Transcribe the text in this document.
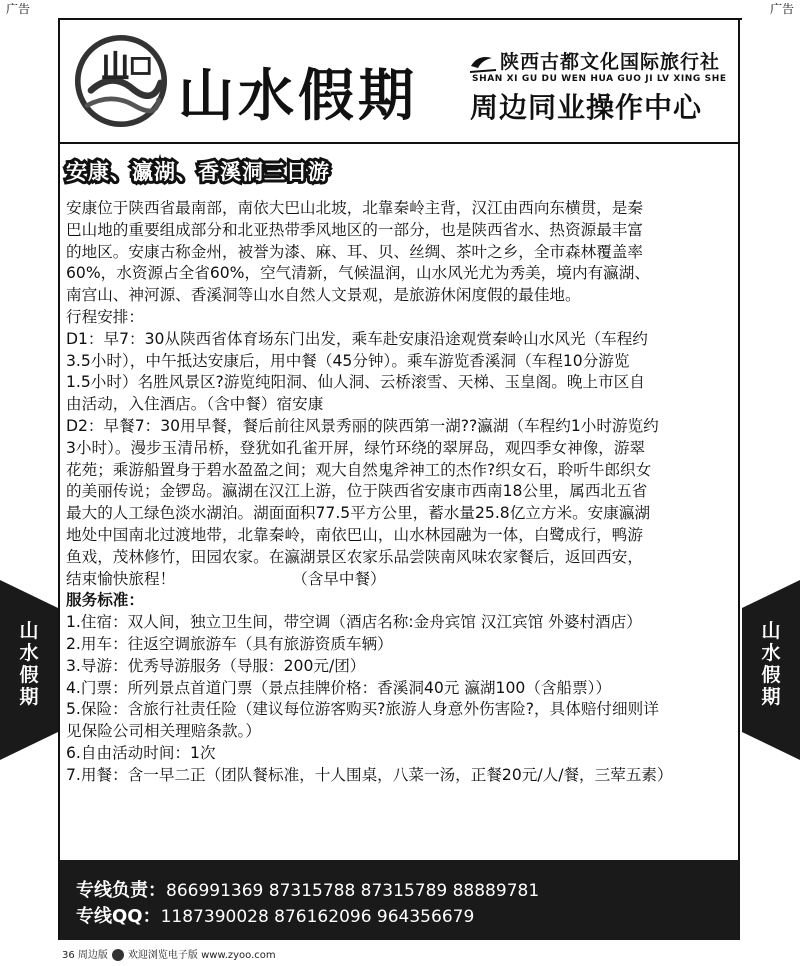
广告	广告
山水假期
陕西古都文化国际旅行社
SHAN XI GU DU WEN HUA GUO JI LV XING SHE
周边同业操作中心
安康、瀛湖、香溪洞三日游

安康位于陕西省最南部，南依大巴山北坡，北靠秦岭主背，汉江由西向东横贯，是秦

巴山地的重要组成部分和北亚热带季风地区的一部分，也是陕西省水、热资源最丰富

的地区。安康古称金州，被誉为漆、麻、耳、贝、丝绸、茶叶之乡，全市森林覆盖率

60%，水资源占全省60%，空气清新，气候温润，山水风光尤为秀美，境内有瀛湖、

南宫山、神河源、香溪洞等山水自然人文景观，是旅游休闲度假的最佳地。

行程安排：

D1：早7：30从陕西省体育场东门出发，乘车赴安康沿途观赏秦岭山水风光（车程约

3.5小时），中午抵达安康后，用中餐（45分钟）。乘车游览香溪洞（车程10分游览

1.5小时）名胜风景区?游览纯阳洞、仙人洞、云桥滚雪、天梯、玉皇阁。晚上市区自

由活动，入住酒店。（含中餐）宿安康

D2：早餐7：30用早餐，餐后前往风景秀丽的陕西第一湖??瀛湖（车程约1小时游览约

3小时）。漫步玉清吊桥，登犹如孔雀开屏，绿竹环绕的翠屏岛，观四季女神像，游翠

花苑；乘游船置身于碧水盈盈之间；观大自然鬼斧神工的杰作?织女石，聆听牛郎织女

的美丽传说；金锣岛。瀛湖在汉江上游，位于陕西省安康市西南18公里，属西北五省

最大的人工绿色淡水湖泊。湖面面积77.5平方公里，蓄水量25.8亿立方米。安康瀛湖

地处中国南北过渡地带，北靠秦岭，南依巴山，山水林园融为一体，白鹭成行，鸭游

鱼戏，茂林修竹，田园农家。在瀛湖景区农家乐品尝陕南风味农家餐后，返回西安，

结束愉快旅程！　　　　　　　　（含早中餐）

服务标准：

1.住宿：双人间，独立卫生间，带空调（酒店名称:金舟宾馆 汉江宾馆 外婆村酒店）

2.用车：往返空调旅游车（具有旅游资质车辆）

3.导游：优秀导游服务（导服：200元/团）

4.门票：所列景点首道门票（景点挂牌价格：香溪洞40元 瀛湖100（含船票））

5.保险：含旅行社责任险（建议每位游客购买?旅游人身意外伤害险?，具体赔付细则详

见保险公司相关理赔条款。）

6.自由活动时间：1次

7.用餐：含一早二正（团队餐标准，十人围桌，八菜一汤，正餐20元/人/餐，三荤五素）

专线负责：866991369 87315788 87315789 88889781
专线QQ：1187390028 876162096 964356679
36 周边版 欢迎浏览电子版 www.zyoo.com
山水假期
山水假期
